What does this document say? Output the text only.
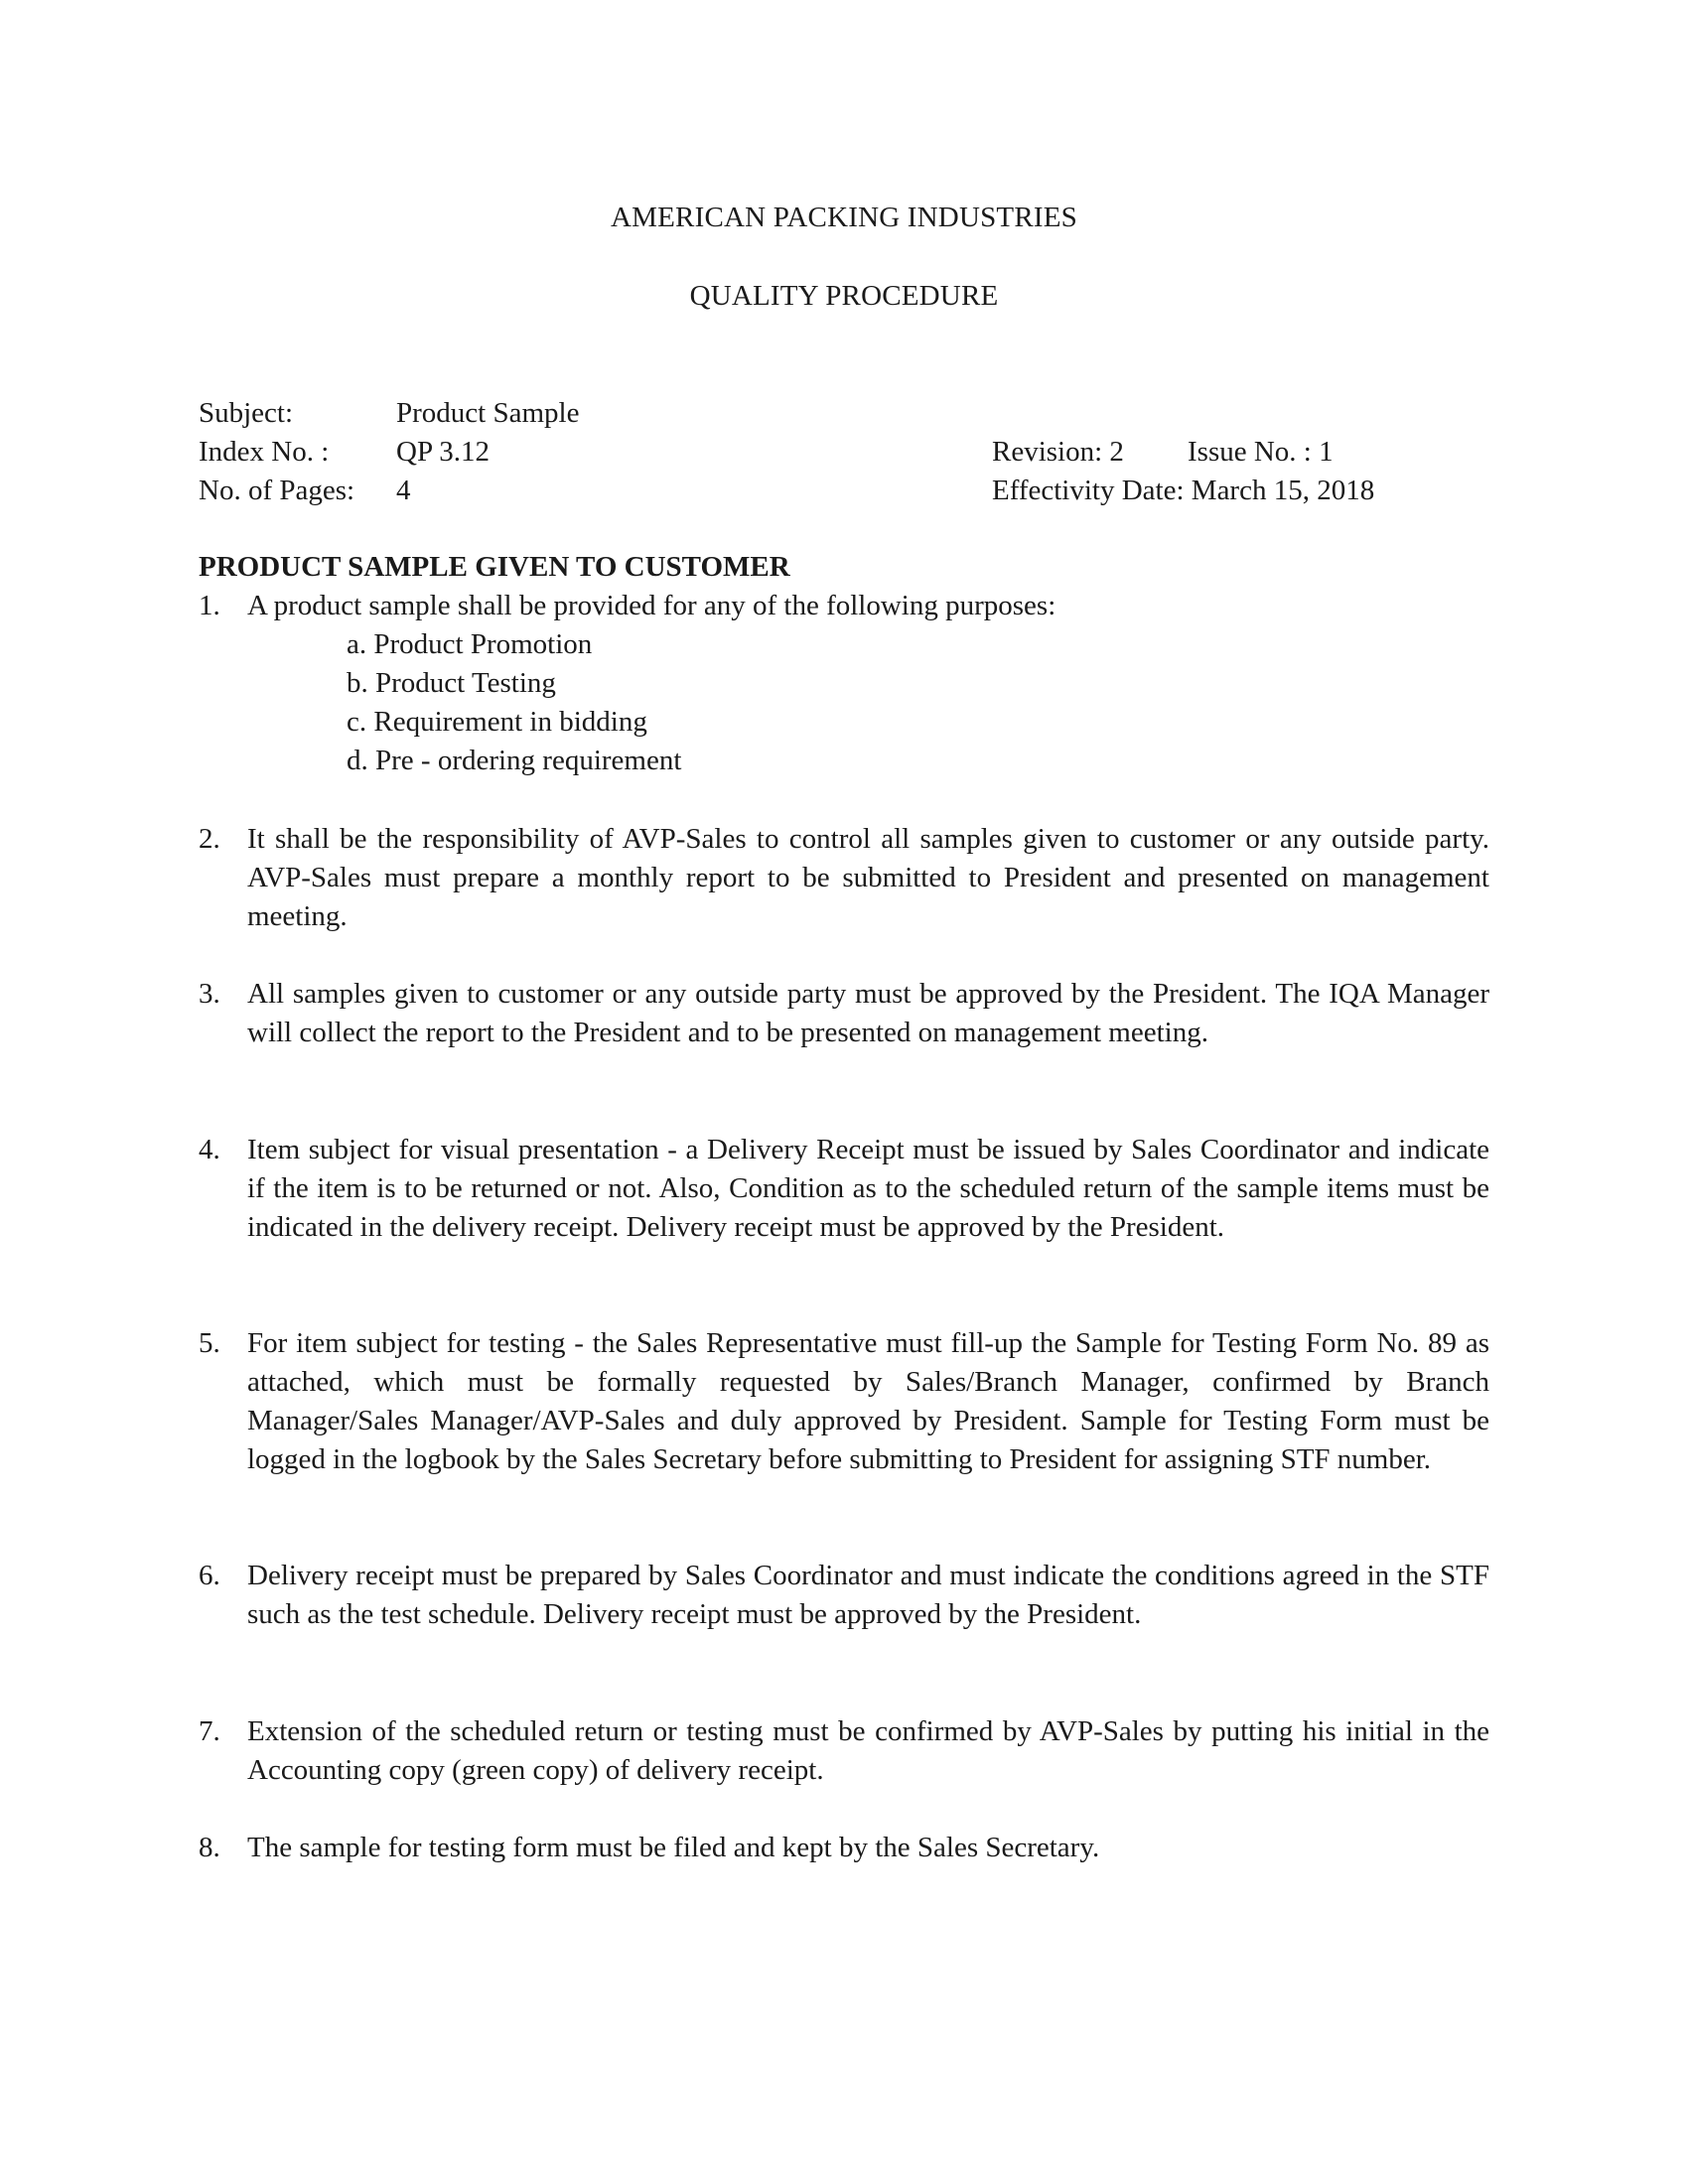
AMERICAN PACKING INDUSTRIES
QUALITY PROCEDURE
Subject:	Product Sample
Index No. : QP 3.12	Revision: 2 Issue No. : 1
No. of Pages: 4	Effectivity Date: March 15, 2018
PRODUCT SAMPLE GIVEN TO CUSTOMER
1. A product sample shall be provided for any of the following purposes:
a. Product Promotion
b. Product Testing
c. Requirement in bidding
d. Pre - ordering requirement
2. It shall be the responsibility of AVP-Sales to control all samples given to customer or any outside party. AVP-Sales must prepare a monthly report to be submitted to President and presented on management meeting.
3. All samples given to customer or any outside party must be approved by the President. The IQA Manager will collect the report to the President and to be presented on management meeting.
4. Item subject for visual presentation - a Delivery Receipt must be issued by Sales Coordinator and indicate if the item is to be returned or not. Also, Condition as to the scheduled return of the sample items must be indicated in the delivery receipt. Delivery receipt must be approved by the President.
5. For item subject for testing - the Sales Representative must fill-up the Sample for Testing Form No. 89 as attached, which must be formally requested by Sales/Branch Manager, confirmed by Branch Manager/Sales Manager/AVP-Sales and duly approved by President. Sample for Testing Form must be logged in the logbook by the Sales Secretary before submitting to President for assigning STF number.
6. Delivery receipt must be prepared by Sales Coordinator and must indicate the conditions agreed in the STF such as the test schedule. Delivery receipt must be approved by the President.
7. Extension of the scheduled return or testing must be confirmed by AVP-Sales by putting his initial in the Accounting copy (green copy) of delivery receipt.
8. The sample for testing form must be filed and kept by the Sales Secretary.
